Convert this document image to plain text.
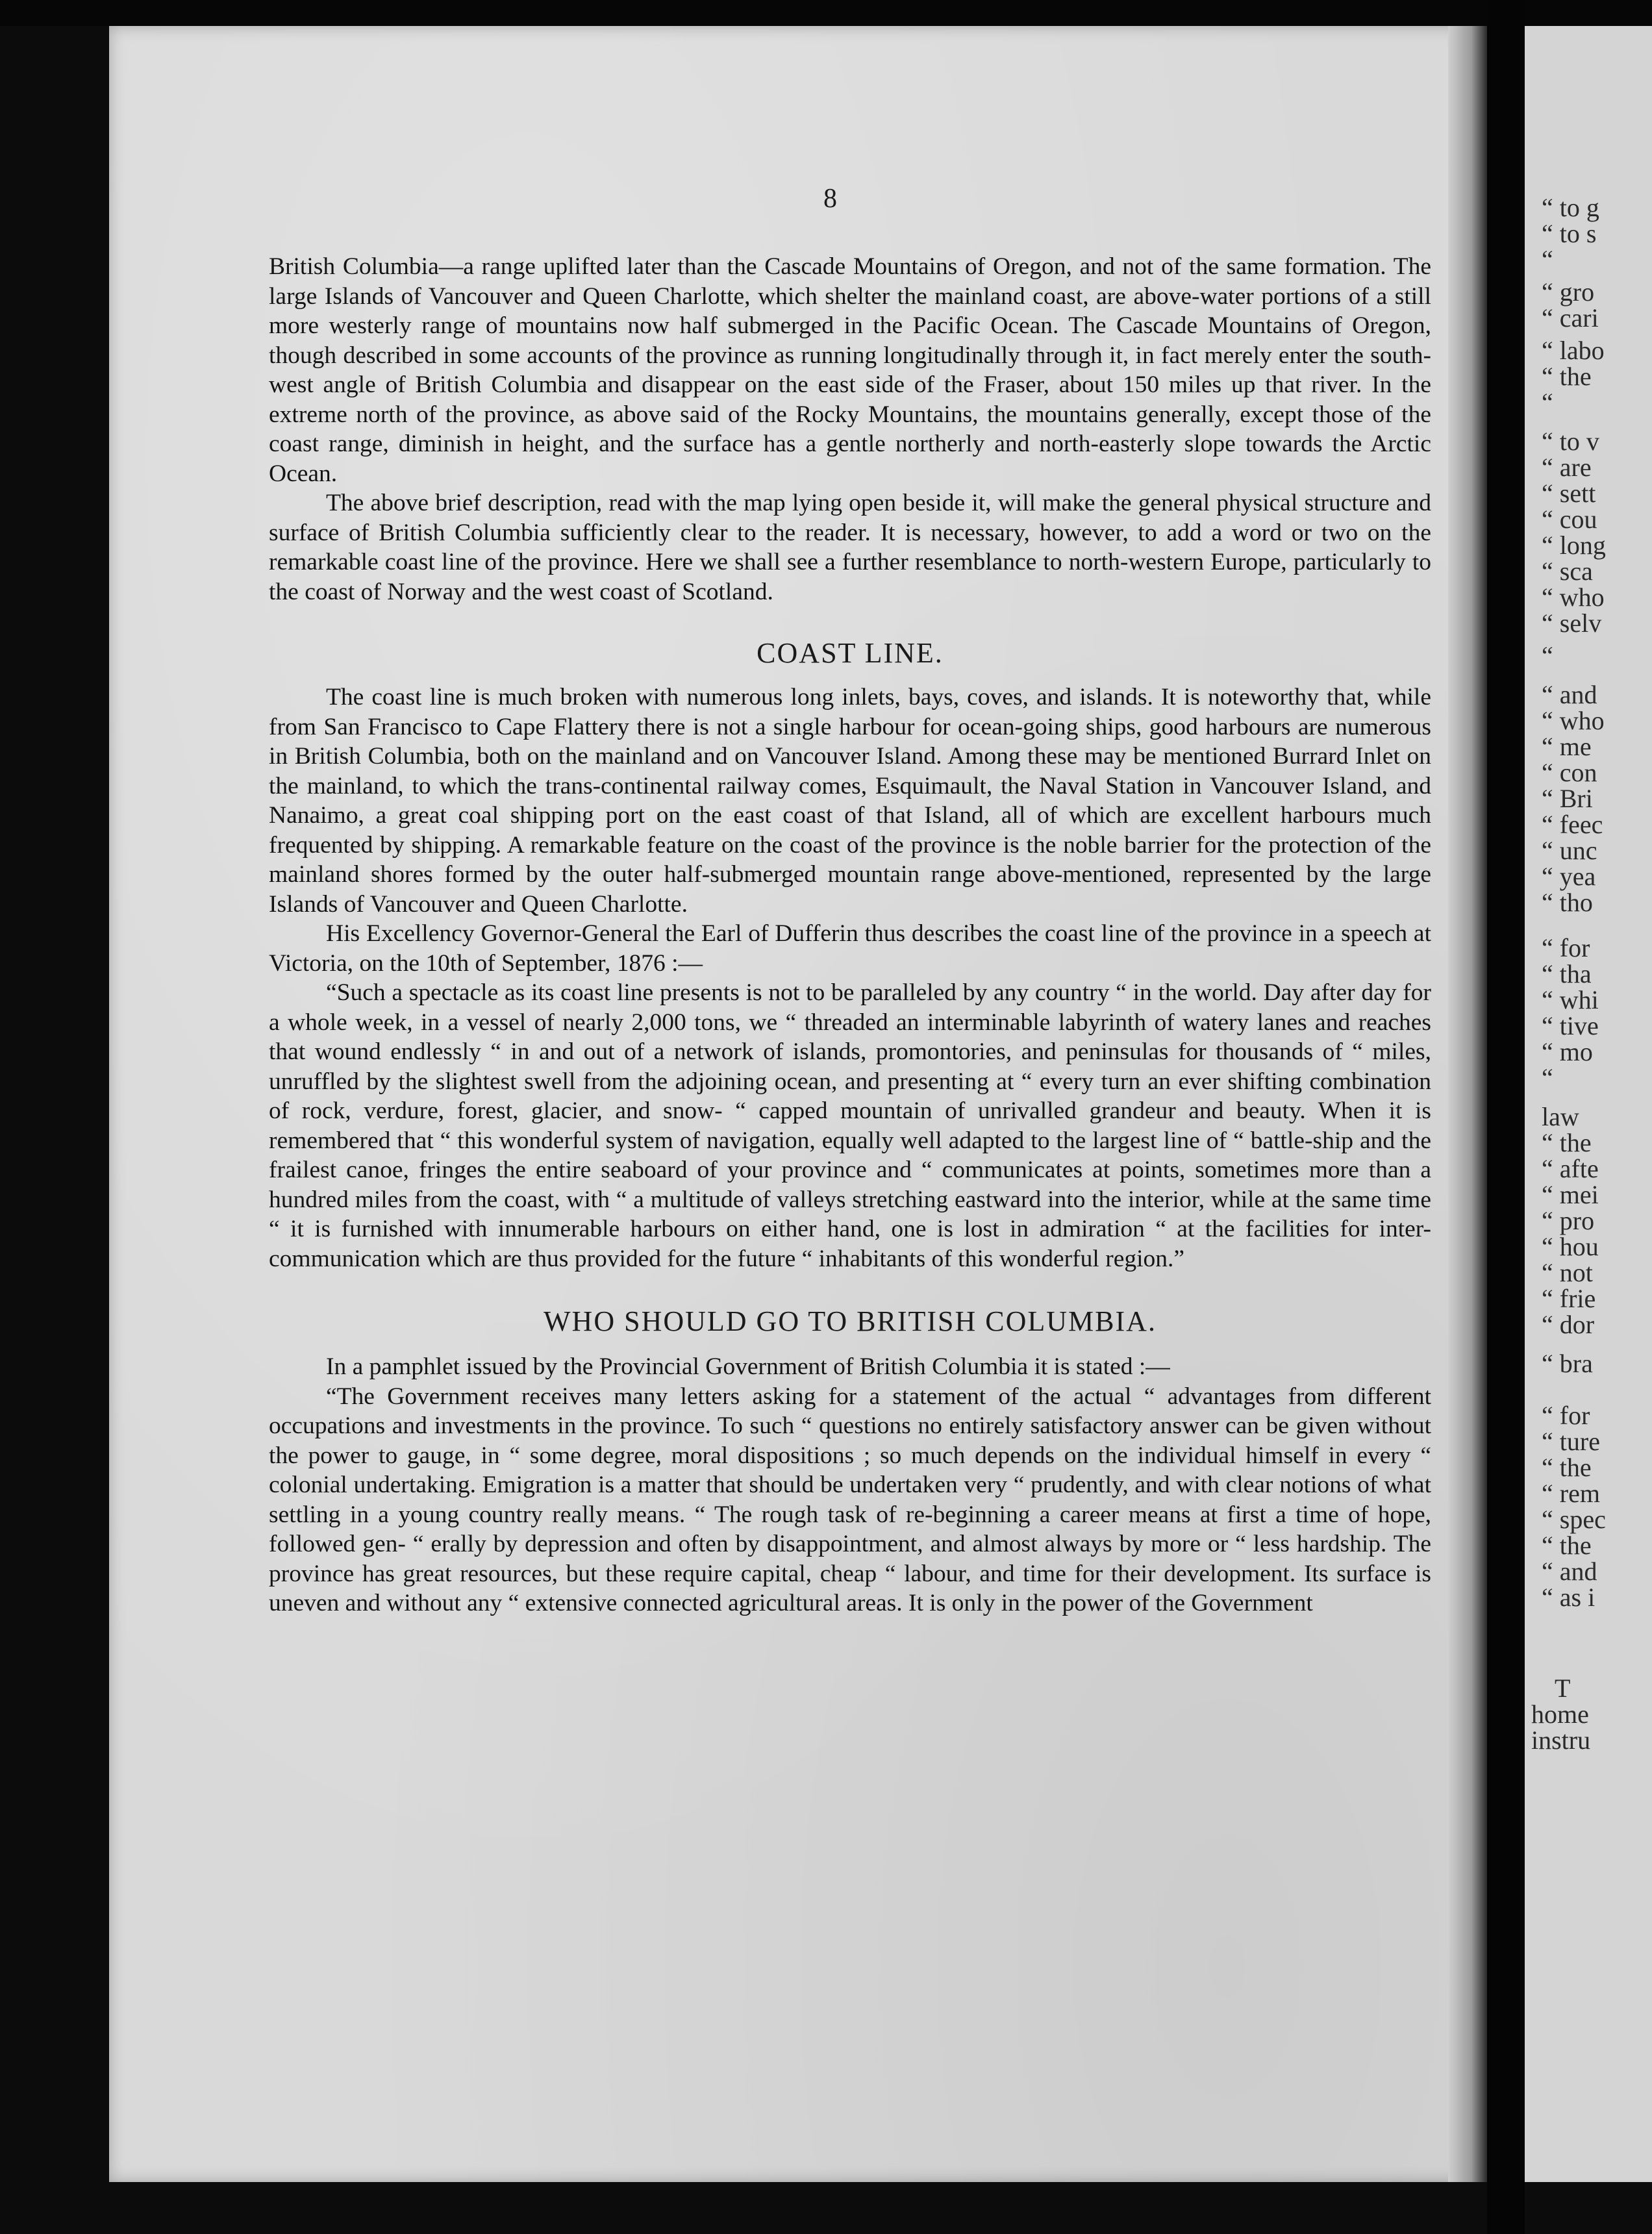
“ to g
“ to s
“
“ gro
“ cari
“ labo
“ the
“
“ to v
“ are
“ sett
“ cou
“ long
“ sca
“ who
“ selv
“
“ and
“ who
“ me
“ con
“ Bri
“ feec
“ unc
“ yea
“ tho
“ for
“ tha
“ whi
“ tive
“ mo
“
law
“ the
“ afte
“ mei
“ pro
“ hou
“ not
“ frie
“ dor
“ bra
“ for
“ ture
“ the
“ rem
“ spec
“ the
“ and
“ as i
T
home
instru
8

British Columbia—a range uplifted later than the Cascade Mountains of Oregon, and not of the same formation. The large Islands of Vancouver and Queen Charlotte, which shelter the mainland coast, are above-water portions of a still more westerly range of mountains now half submerged in the Pacific Ocean. The Cascade Mountains of Oregon, though described in some accounts of the province as running longitudinally through it, in fact merely enter the south-west angle of British Columbia and disappear on the east side of the Fraser, about 150 miles up that river. In the extreme north of the province, as above said of the Rocky Mountains, the mountains generally, except those of the coast range, diminish in height, and the surface has a gentle northerly and north-easterly slope towards the Arctic Ocean.

The above brief description, read with the map lying open beside it, will make the general physical structure and surface of British Columbia sufficiently clear to the reader. It is necessary, however, to add a word or two on the remarkable coast line of the province. Here we shall see a further resemblance to north-western Europe, particularly to the coast of Norway and the west coast of Scotland.

COAST LINE.

The coast line is much broken with numerous long inlets, bays, coves, and islands. It is noteworthy that, while from San Francisco to Cape Flattery there is not a single harbour for ocean-going ships, good harbours are numerous in British Columbia, both on the mainland and on Vancouver Island. Among these may be mentioned Burrard Inlet on the mainland, to which the trans-continental railway comes, Esquimault, the Naval Station in Vancouver Island, and Nanaimo, a great coal shipping port on the east coast of that Island, all of which are excellent harbours much frequented by shipping. A remarkable feature on the coast of the province is the noble barrier for the protection of the mainland shores formed by the outer half-submerged mountain range above-mentioned, represented by the large Islands of Vancouver and Queen Charlotte.

His Excellency Governor-General the Earl of Dufferin thus describes the coast line of the province in a speech at Victoria, on the 10th of September, 1876 :—

“Such a spectacle as its coast line presents is not to be paralleled by any country “ in the world. Day after day for a whole week, in a vessel of nearly 2,000 tons, we “ threaded an interminable labyrinth of watery lanes and reaches that wound endlessly “ in and out of a network of islands, promontories, and peninsulas for thousands of “ miles, unruffled by the slightest swell from the adjoining ocean, and presenting at “ every turn an ever shifting combination of rock, verdure, forest, glacier, and snow- “ capped mountain of unrivalled grandeur and beauty. When it is remembered that “ this wonderful system of navigation, equally well adapted to the largest line of “ battle-ship and the frailest canoe, fringes the entire seaboard of your province and “ communicates at points, sometimes more than a hundred miles from the coast, with “ a multitude of valleys stretching eastward into the interior, while at the same time “ it is furnished with innumerable harbours on either hand, one is lost in admiration “ at the facilities for inter-communication which are thus provided for the future “ inhabitants of this wonderful region.”

WHO SHOULD GO TO BRITISH COLUMBIA.

In a pamphlet issued by the Provincial Government of British Columbia it is stated :—

“The Government receives many letters asking for a statement of the actual “ advantages from different occupations and investments in the province. To such “ questions no entirely satisfactory answer can be given without the power to gauge, in “ some degree, moral dispositions ; so much depends on the individual himself in every “ colonial undertaking. Emigration is a matter that should be undertaken very “ prudently, and with clear notions of what settling in a young country really means. “ The rough task of re-beginning a career means at first a time of hope, followed gen- “ erally by depression and often by disappointment, and almost always by more or “ less hardship. The province has great resources, but these require capital, cheap “ labour, and time for their development. Its surface is uneven and without any “ extensive connected agricultural areas. It is only in the power of the Government
